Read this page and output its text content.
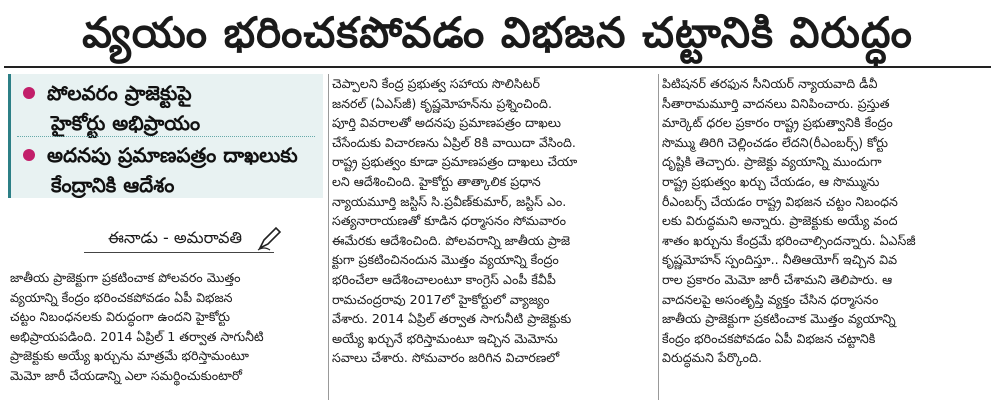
వ్యయం భరించకపోవడం విభజన చట్టానికి విరుద్ధం
పోలవరం ప్రాజెక్టుపై
హైకోర్టు అభిప్రాయం
అదనపు ప్రమాణపత్రం దాఖలుకు
కేంద్రానికి ఆదేశం
ఈనాడు - అమరావతి

జాతీయ ప్రాజెక్టుగా ప్రకటించాక పోలవరం మొత్తం

వ్యయాన్ని కేంద్రం భరించకపోవడం ఏపీ విభజన

చట్టం నిబంధనలకు విరుద్ధంగా ఉందని హైకోర్టు

అభిప్రాయపడింది. 2014 ఏప్రిల్ 1 తర్వాత సాగునీటి

ప్రాజెక్టుకు అయ్యే ఖర్చును మాత్రమే భరిస్తామంటూ

మెమో జారీ చేయడాన్ని ఎలా సమర్థించుకుంటారో

చెప్పాలని కేంద్ర ప్రభుత్వ సహాయ సొలిసిటర్

జనరల్ (ఏఎస్‌జీ) కృష్ణమోహన్‌ను ప్రశ్నించింది.

పూర్తి వివరాలతో అదనపు ప్రమాణపత్రం దాఖలు

చేసేందుకు విచారణను ఏప్రిల్ 8కి వాయిదా వేసింది.

రాష్ట్ర ప్రభుత్వం కూడా ప్రమాణపత్రం దాఖలు చేయా

లని ఆదేశించింది. హైకోర్టు తాత్కాలిక ప్రధాన

న్యాయమూర్తి జస్టిస్ సి.ప్రవీణ్‌కుమార్, జస్టిస్ ఎం.

సత్యనారాయణతో కూడిన ధర్మాసనం సోమవారం

ఈమేరకు ఆదేశించింది. పోలవరాన్ని జాతీయ ప్రాజె

క్టుగా ప్రకటించినందున మొత్తం వ్యయాన్ని కేంద్రం

భరించేలా ఆదేశించాలంటూ కాంగ్రెస్ ఎంపీ కేవీపీ

రామచంద్రరావు 2017లో హైకోర్టులో వ్యాజ్యం

వేశారు. 2014 ఏప్రిల్ తర్వాత సాగునీటి ప్రాజెక్టుకు

అయ్యే ఖర్చునే భరిస్తామంటూ ఇచ్చిన మెమోను

సవాలు చేశారు. సోమవారం జరిగిన విచారణలో

పిటిషనర్ తరఫున సీనియర్ న్యాయవాది డీవీ

సీతారామమూర్తి వాదనలు వినిపించారు. ప్రస్తుత

మార్కెట్ ధరల ప్రకారం రాష్ట్ర ప్రభుత్వానికి కేంద్రం

సొమ్ము తిరిగి చెల్లించడం లేదని(రీఎంబర్స్) కోర్టు

దృష్టికి తెచ్చారు. ప్రాజెక్టు వ్యయాన్ని ముందుగా

రాష్ట్ర ప్రభుత్వం ఖర్చు చేయడం, ఆ సొమ్మును

రీఎంబర్స్ చేయడం రాష్ట్ర విభజన చట్టం నిబంధన

లకు విరుద్ధమని అన్నారు. ప్రాజెక్టుకు అయ్యే వంద

శాతం ఖర్చును కేంద్రమే భరించాల్సిందన్నారు. ఏఎస్‌జీ

కృష్ణమోహన్ స్పందిస్తూ.. నీతిఆయోగ్ ఇచ్చిన వివ

రాల ప్రకారం మెమో జారీ చేశామని తెలిపారు. ఆ

వాదనలపై అసంతృప్తి వ్యక్తం చేసిన ధర్మాసనం

జాతీయ ప్రాజెక్టుగా ప్రకటించాక మొత్తం వ్యయాన్ని

కేంద్రం భరించకపోవడం ఏపీ విభజన చట్టానికి

విరుద్ధమని పేర్కొంది.
